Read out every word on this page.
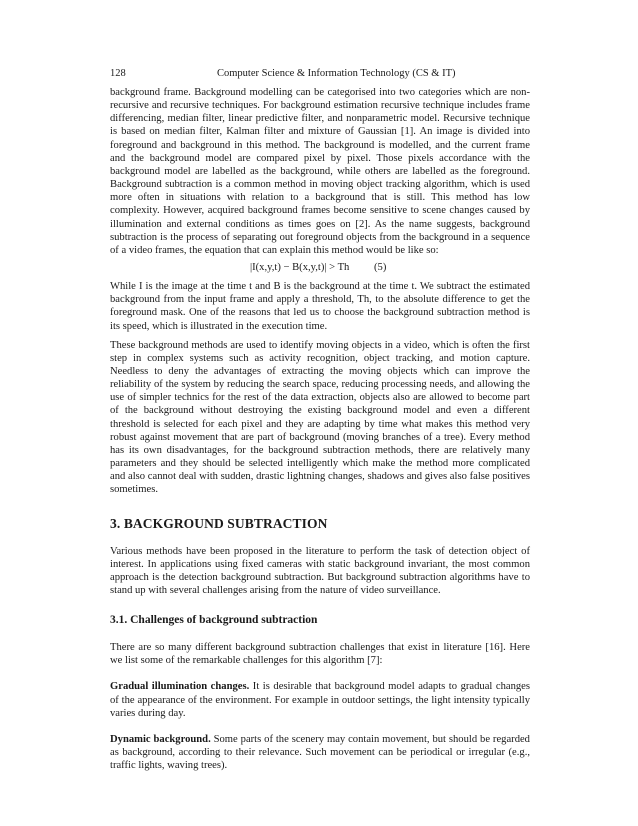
128	Computer Science & Information Technology (CS & IT)

background frame. Background modelling can be categorised into two categories which are non-recursive and recursive techniques. For background estimation recursive technique includes frame differencing, median filter, linear predictive filter, and nonparametric model. Recursive technique is based on median filter, Kalman filter and mixture of Gaussian [1]. An image is divided into foreground and background in this method. The background is modelled, and the current frame and the background model are compared pixel by pixel. Those pixels accordance with the background model are labelled as the background, while others are labelled as the foreground. Background subtraction is a common method in moving object tracking algorithm, which is used more often in situations with relation to a background that is still. This method has low complexity. However, acquired background frames become sensitive to scene changes caused by illumination and external conditions as times goes on [2]. As the name suggests, background subtraction is the process of separating out foreground objects from the background in a sequence of a video frames, the equation that can explain this method would be like so:

|I(x,y,t) − B(x,y,t)| > Th (5)

While I is the image at the time t and B is the background at the time t. We subtract the estimated background from the input frame and apply a threshold, Th, to the absolute difference to get the foreground mask. One of the reasons that led us to choose the background subtraction method is its speed, which is illustrated in the execution time.

These background methods are used to identify moving objects in a video, which is often the first step in complex systems such as activity recognition, object tracking, and motion capture. Needless to deny the advantages of extracting the moving objects which can improve the reliability of the system by reducing the search space, reducing processing needs, and allowing the use of simpler technics for the rest of the data extraction, objects also are allowed to become part of the background without destroying the existing background model and even a different threshold is selected for each pixel and they are adapting by time what makes this method very robust against movement that are part of background (moving branches of a tree). Every method has its own disadvantages, for the background subtraction methods, there are relatively many parameters and they should be selected intelligently which make the method more complicated and also cannot deal with sudden, drastic lightning changes, shadows and gives also false positives sometimes.

3. BACKGROUND SUBTRACTION

Various methods have been proposed in the literature to perform the task of detection object of interest. In applications using fixed cameras with static background invariant, the most common approach is the detection background subtraction. But background subtraction algorithms have to stand up with several challenges arising from the nature of video surveillance.

3.1. Challenges of background subtraction

There are so many different background subtraction challenges that exist in literature [16]. Here we list some of the remarkable challenges for this algorithm [7]:

Gradual illumination changes. It is desirable that background model adapts to gradual changes of the appearance of the environment. For example in outdoor settings, the light intensity typically varies during day.

Dynamic background. Some parts of the scenery may contain movement, but should be regarded as background, according to their relevance. Such movement can be periodical or irregular (e.g., traffic lights, waving trees).
